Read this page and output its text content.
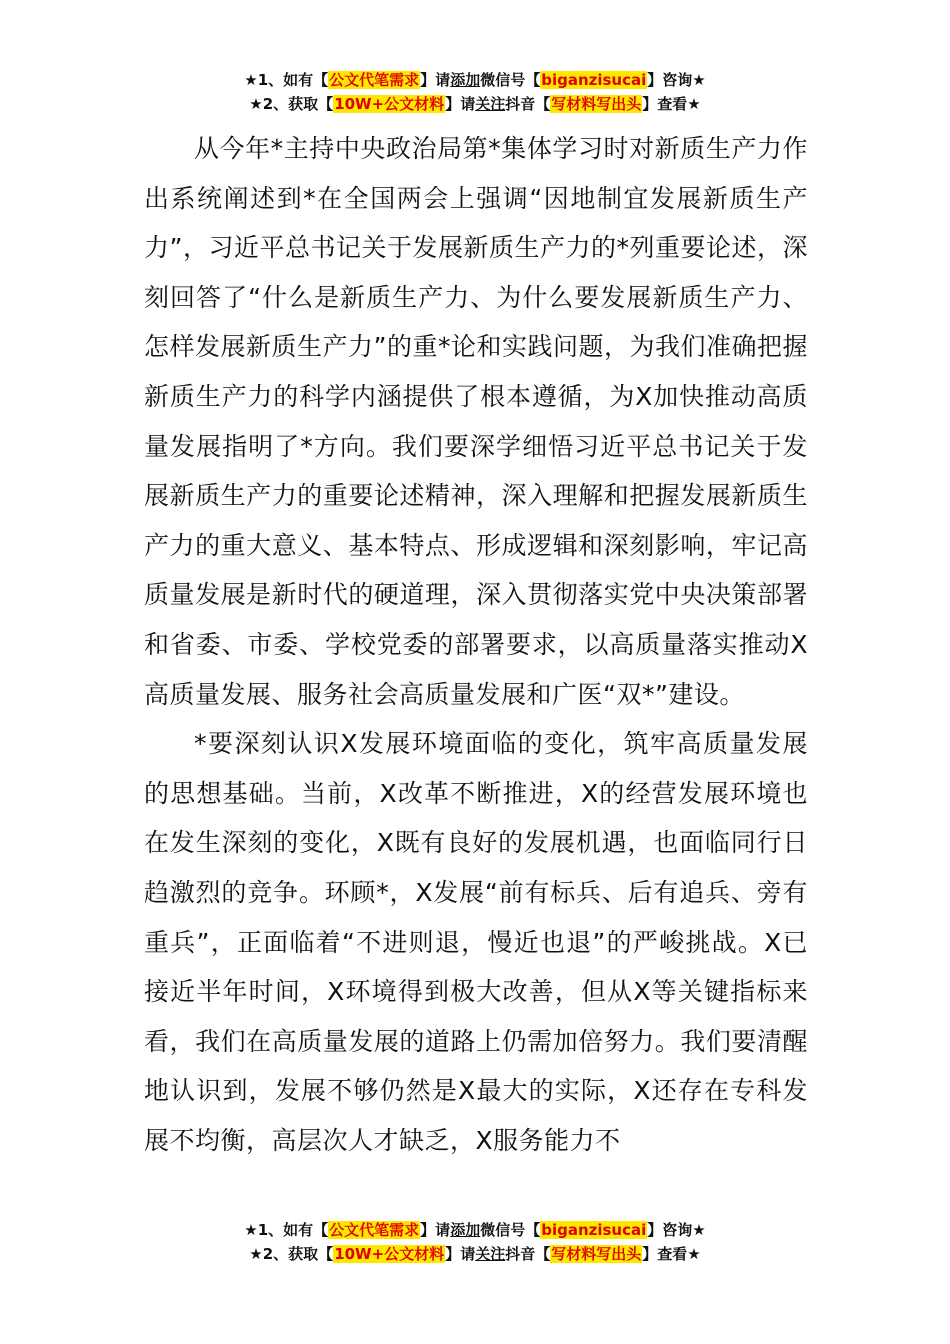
★1、如有【公文代笔需求】请添加微信号【biganzisucai】咨询★
★2、获取【10W+公文材料】请关注抖音【写材料写出头】查看★

从今年*主持中央政治局第*集体学习时对新质生产力作出系统阐述到*在全国两会上强调“因地制宜发展新质生产力”，习近平总书记关于发展新质生产力的*列重要论述，深刻回答了“什么是新质生产力、为什么要发展新质生产力、怎样发展新质生产力”的重*论和实践问题，为我们准确把握新质生产力的科学内涵提供了根本遵循，为X加快推动高质量发展指明了*方向。我们要深学细悟习近平总书记关于发展新质生产力的重要论述精神，深入理解和把握发展新质生产力的重大意义、基本特点、形成逻辑和深刻影响，牢记高质量发展是新时代的硬道理，深入贯彻落实党中央决策部署和省委、市委、学校党委的部署要求，以高质量落实推动X高质量发展、服务社会高质量发展和广医“双*”建设。

*要深刻认识X发展环境面临的变化，筑牢高质量发展的思想基础。当前，X改革不断推进，X的经营发展环境也在发生深刻的变化，X既有良好的发展机遇，也面临同行日趋激烈的竞争。环顾*，X发展“前有标兵、后有追兵、旁有重兵”，正面临着“不进则退，慢近也退”的严峻挑战。X已接近半年时间，X环境得到极大改善，但从X等关键指标来看，我们在高质量发展的道路上仍需加倍努力。我们要清醒地认识到，发展不够仍然是X最大的实际，X还存在专科发展不均衡，高层次人才缺乏，X服务能力不

★1、如有【公文代笔需求】请添加微信号【biganzisucai】咨询★
★2、获取【10W+公文材料】请关注抖音【写材料写出头】查看★
